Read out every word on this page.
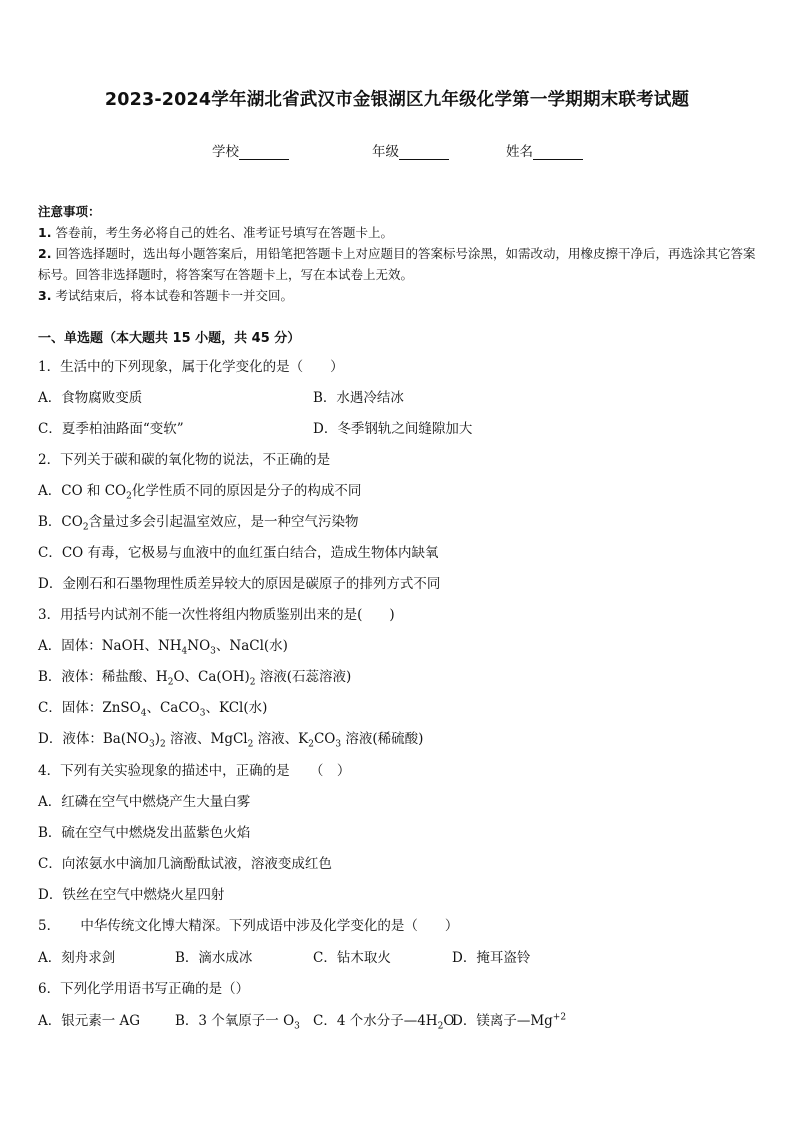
2023-2024学年湖北省武汉市金银湖区九年级化学第一学期期末联考试题
学校	年级	姓名
注意事项：
1. 答卷前，考生务必将自己的姓名、准考证号填写在答题卡上。
2. 回答选择题时，选出每小题答案后，用铅笔把答题卡上对应题目的答案标号涂黑，如需改动，用橡皮擦干净后，再选涂其它答案标号。回答非选择题时，将答案写在答题卡上，写在本试卷上无效。
3. 考试结束后，将本试卷和答题卡一并交回。
一、单选题（本大题共 15 小题，共 45 分）
1．生活中的下列现象，属于化学变化的是（　　）
A．食物腐败变质	B．水遇冷结冰
C．夏季柏油路面“变软”	D．冬季钢轨之间缝隙加大
2．下列关于碳和碳的氧化物的说法，不正确的是
A．CO 和 $CO_2$化学性质不同的原因是分子的构成不同
B．$CO_2$含量过多会引起温室效应，是一种空气污染物
C．CO 有毒，它极易与血液中的血红蛋白结合，造成生物体内缺氧
D．金刚石和石墨物理性质差异较大的原因是碳原子的排列方式不同
3．用括号内试剂不能一次性将组内物质鉴别出来的是(　　)
A．固体：NaOH、$NH_4NO_3$、NaCl(水)
B．液体：稀盐酸、$H_2O$、$Ca(OH)_2$ 溶液(石蕊溶液)
C．固体：ZnSO$_4$、CaCO$_3$、KCl(水)
D．液体：$Ba(NO_3)_2$ 溶液、MgCl$_2$ 溶液、$K_2CO_3$ 溶液(稀硫酸)
4．下列有关实验现象的描述中，正确的是　　（　）
A．红磷在空气中燃烧产生大量白雾
B．硫在空气中燃烧发出蓝紫色火焰
C．向浓氨水中滴加几滴酚酞试液，溶液变成红色
D．铁丝在空气中燃烧火星四射
5．　　中华传统文化博大精深。下列成语中涉及化学变化的是（　　）
A．刻舟求剑	B．滴水成冰	C．钻木取火	D．掩耳盗铃
6．下列化学用语书写正确的是（）
A．银元素一 AG	B．3 个氧原子一 $O_3$ C．4 个水分子$—4H_2O$
D．镁离子$—Mg^{+2}$
